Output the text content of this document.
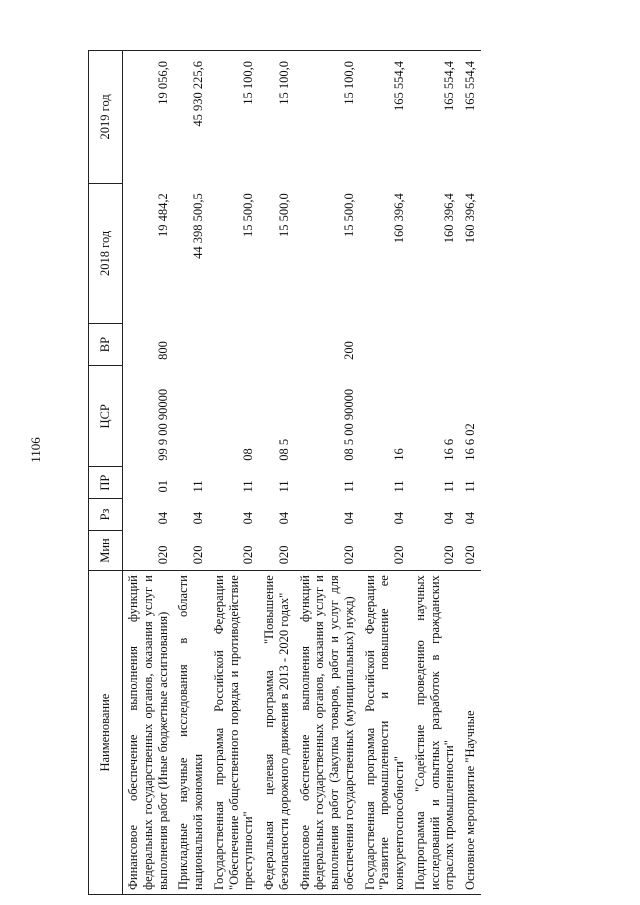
1106
Наименование	Мин	Рз	ПР	ЦСР	ВР	2018 год	2019 год
Финансовое обеспечение выполнения функций федеральных государственных органов, оказания услуг и выполнения работ (Иные бюджетные ассигнования)	020	04	01	99 9 00 90000	800	19 484,2	19 056,0
Прикладные научные исследования в области национальной экономики	020	04	11			44 398 500,5	45 930 225,6
Государственная программа Российской Федерации "Обеспечение общественного порядка и противодействие преступности"	020	04	11	08		15 500,0	15 100,0
Федеральная целевая программа "Повышение безопасности дорожного движения в 2013 - 2020 годах"	020	04	11	08 5		15 500,0	15 100,0
Финансовое обеспечение выполнения функций федеральных государственных органов, оказания услуг и выполнения работ (Закупка товаров, работ и услуг для обеспечения государственных (муниципальных) нужд)	020	04	11	08 5 00 90000	200	15 500,0	15 100,0
Государственная программа Российской Федерации "Развитие промышленности и повышение ее конкурентоспособности"	020	04	11	16		160 396,4	165 554,4
Подпрограмма "Содействие проведению научных исследований и опытных разработок в гражданских отраслях промышленности"	020	04	11	16 6		160 396,4	165 554,4
Основное мероприятие "Научные	020	04	11	16 6 02		160 396,4	165 554,4
